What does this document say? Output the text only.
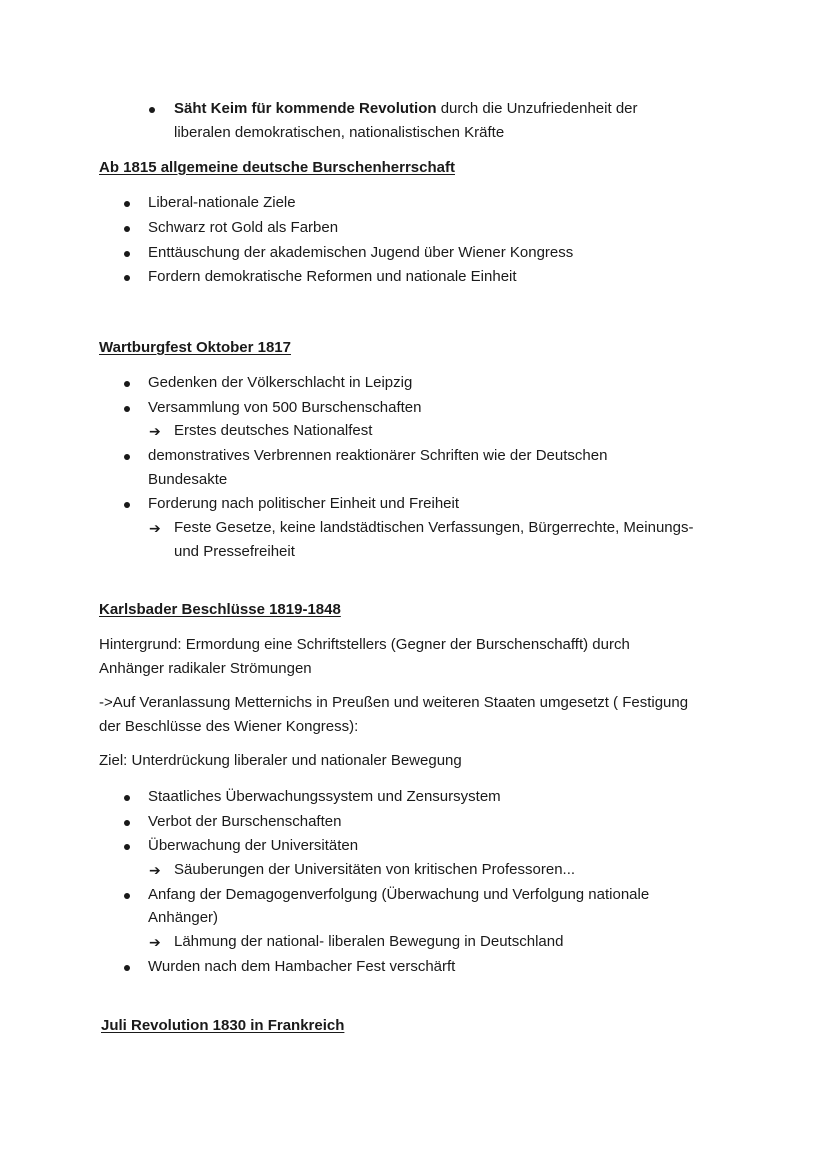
Säht Keim für kommende Revolution durch die Unzufriedenheit der
liberalen demokratischen, nationalistischen Kräfte
Ab 1815 allgemeine deutsche Burschenherrschaft
Liberal-nationale Ziele
Schwarz rot Gold als Farben
Enttäuschung der akademischen Jugend über Wiener Kongress
Fordern demokratische Reformen und nationale Einheit
Wartburgfest Oktober 1817
Gedenken der Völkerschlacht in Leipzig
Versammlung von 500 Burschenschaften
➔ Erstes deutsches Nationalfest
demonstratives Verbrennen reaktionärer Schriften wie der Deutschen
Bundesakte
Forderung nach politischer Einheit und Freiheit
➔ Feste Gesetze, keine landstädtischen Verfassungen, Bürgerrechte, Meinungs-
und Pressefreiheit
Karlsbader Beschlüsse 1819-1848
Hintergrund: Ermordung eine Schriftstellers (Gegner der Burschenschafft) durch
Anhänger radikaler Strömungen
->Auf Veranlassung Metternichs in Preußen und weiteren Staaten umgesetzt ( Festigung
der Beschlüsse des Wiener Kongress):
Ziel: Unterdrückung liberaler und nationaler Bewegung
Staatliches Überwachungssystem und Zensursystem
Verbot der Burschenschaften
Überwachung der Universitäten
➔ Säuberungen der Universitäten von kritischen Professoren...
Anfang der Demagogenverfolgung (Überwachung und Verfolgung nationale
Anhänger)
➔ Lähmung der national- liberalen Bewegung in Deutschland
Wurden nach dem Hambacher Fest verschärft
Juli Revolution 1830 in Frankreich
